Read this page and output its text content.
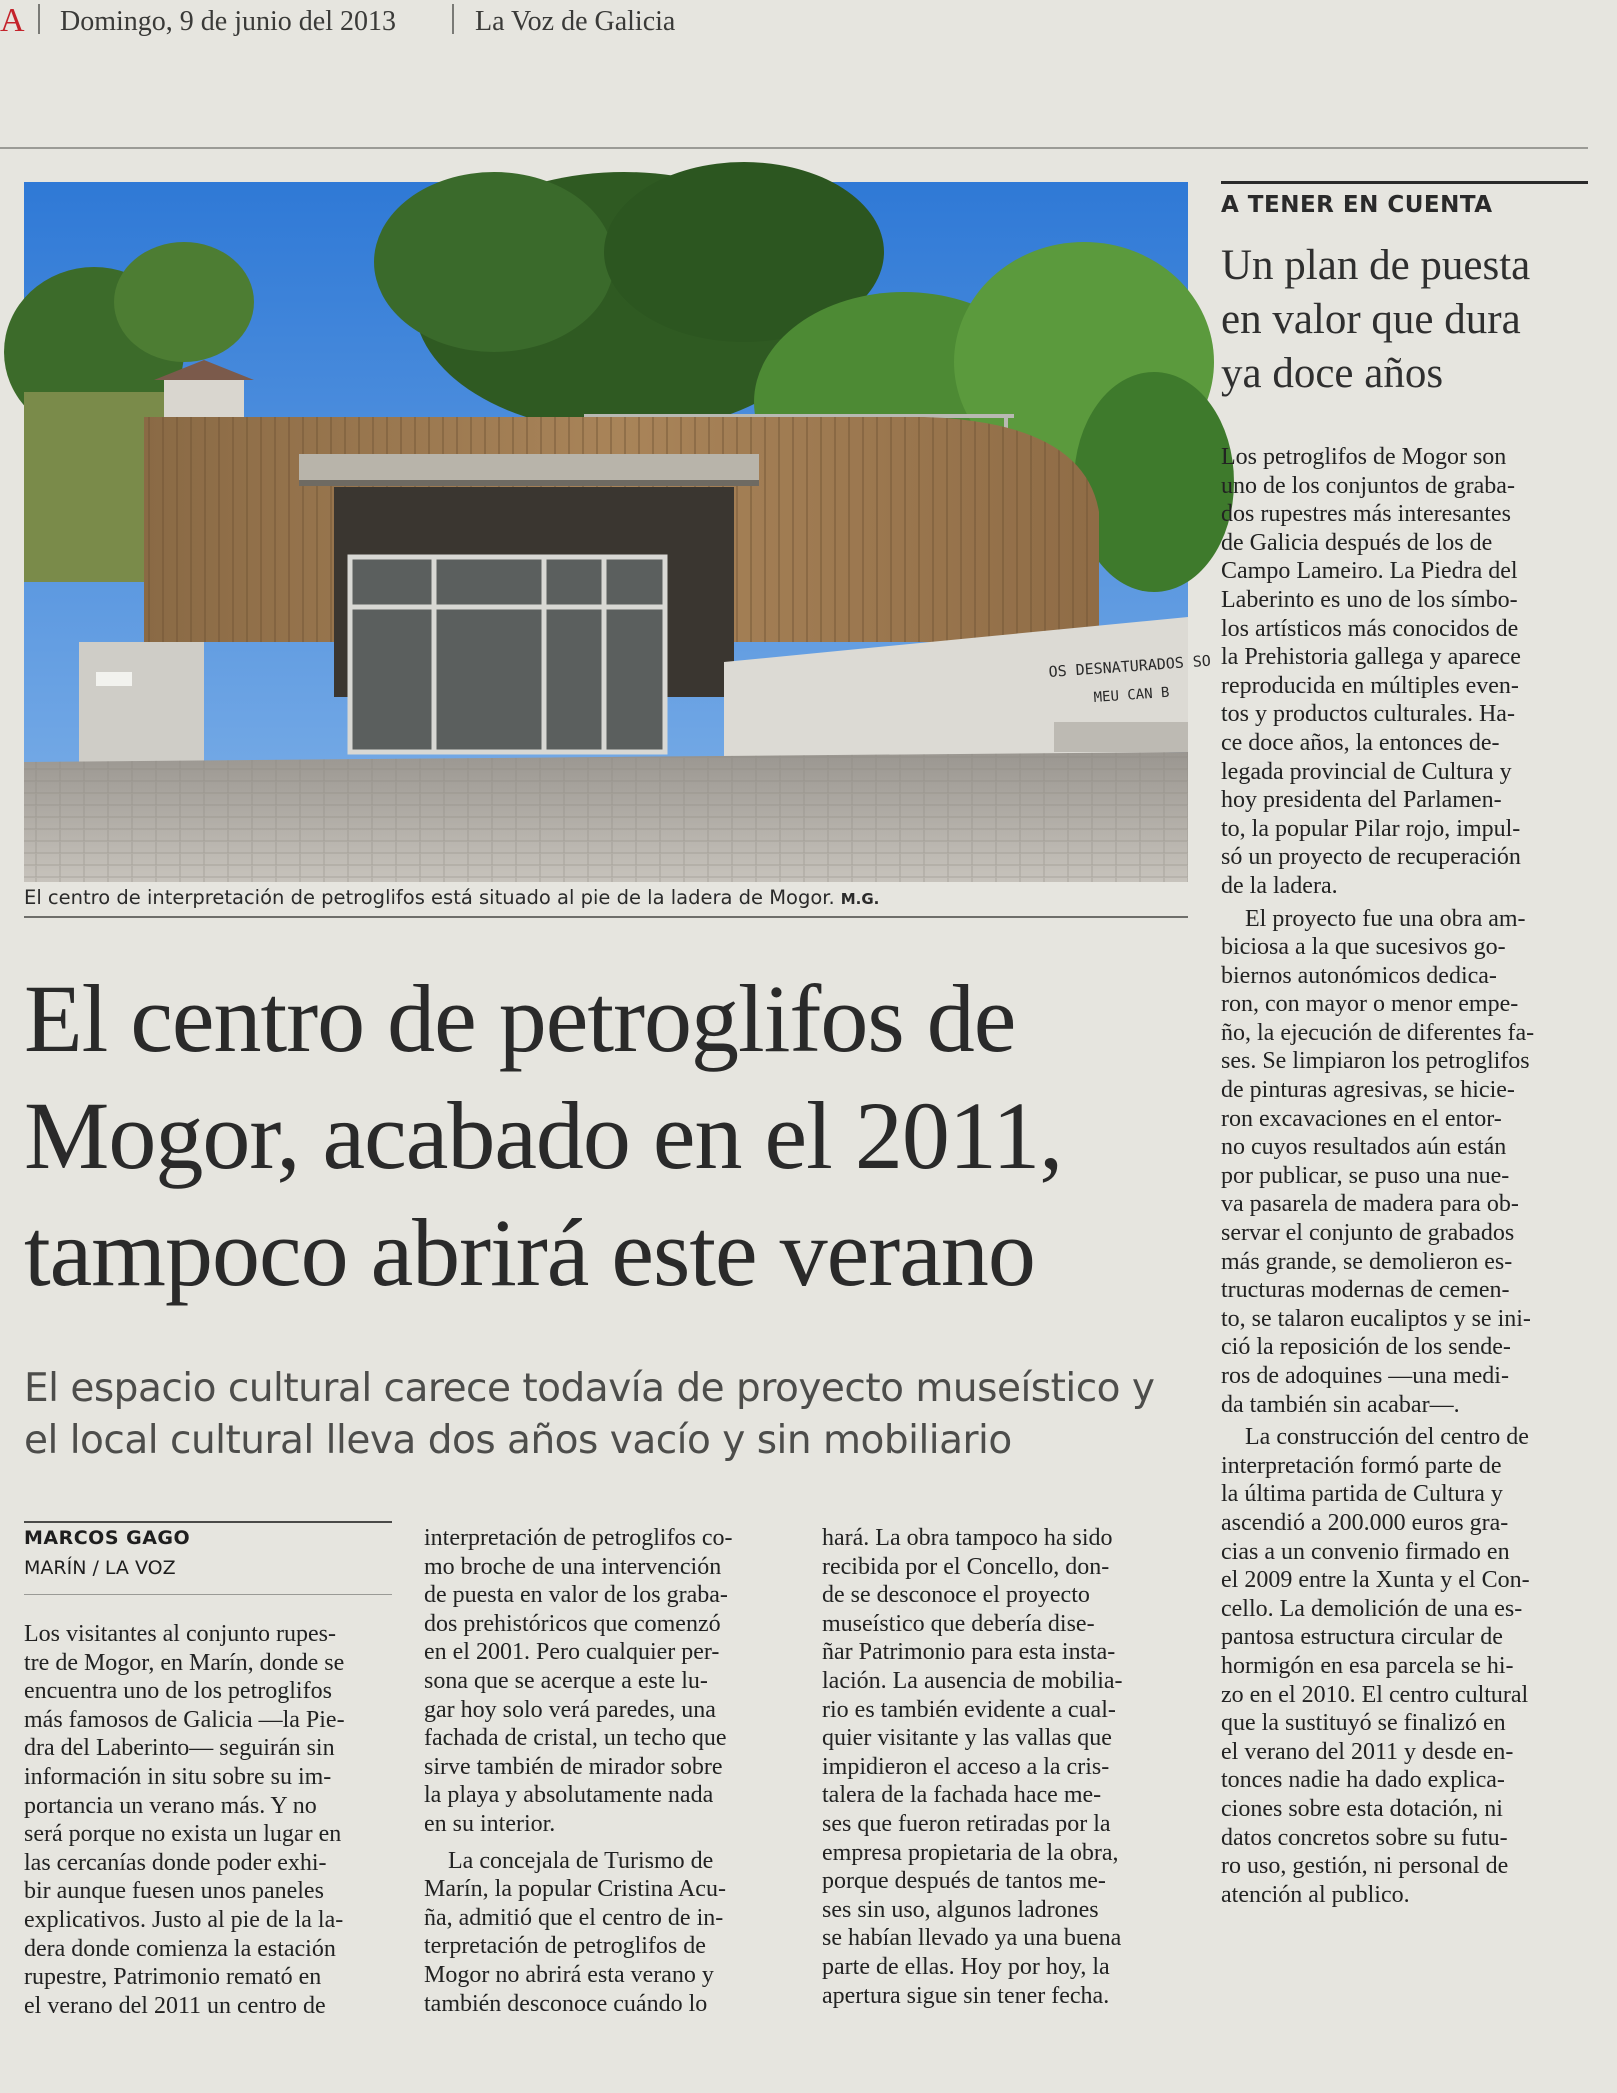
A Domingo, 9 de junio del 2013	La Voz de Galicia
OS DESNATURADOS SO
MEU CAN B
El centro de interpretación de petroglifos está situado al pie de la ladera de Mogor. M.G.
El centro de petroglifos de
Mogor, acabado en el 2011,
tampoco abrirá este verano
El espacio cultural carece todavía de proyecto museístico y
el local cultural lleva dos años vacío y sin mobiliario
MARCOS GAGO
MARÍN / LA VOZ
Los visitantes al conjunto rupes-
tre de Mogor, en Marín, donde se
encuentra uno de los petroglifos
más famosos de Galicia —la Pie-
dra del Laberinto— seguirán sin
información in situ sobre su im-
portancia un verano más. Y no
será porque no exista un lugar en
las cercanías donde poder exhi-
bir aunque fuesen unos paneles
explicativos. Justo al pie de la la-
dera donde comienza la estación
rupestre, Patrimonio remató en
el verano del 2011 un centro de
interpretación de petroglifos co-
mo broche de una intervención
de puesta en valor de los graba-
dos prehistóricos que comenzó
en el 2001. Pero cualquier per-
sona que se acerque a este lu-
gar hoy solo verá paredes, una
fachada de cristal, un techo que
sirve también de mirador sobre
la playa y absolutamente nada
en su interior.
La concejala de Turismo de
Marín, la popular Cristina Acu-
ña, admitió que el centro de in-
terpretación de petroglifos de
Mogor no abrirá esta verano y
también desconoce cuándo lo
hará. La obra tampoco ha sido
recibida por el Concello, don-
de se desconoce el proyecto
museístico que debería dise-
ñar Patrimonio para esta insta-
lación. La ausencia de mobilia-
rio es también evidente a cual-
quier visitante y las vallas que
impidieron el acceso a la cris-
talera de la fachada hace me-
ses que fueron retiradas por la
empresa propietaria de la obra,
porque después de tantos me-
ses sin uso, algunos ladrones
se habían llevado ya una buena
parte de ellas. Hoy por hoy, la
apertura sigue sin tener fecha.
A TENER EN CUENTA
Un plan de puesta
en valor que dura
ya doce años
Los petroglifos de Mogor son
uno de los conjuntos de graba-
dos rupestres más interesantes
de Galicia después de los de
Campo Lameiro. La Piedra del
Laberinto es uno de los símbo-
los artísticos más conocidos de
la Prehistoria gallega y aparece
reproducida en múltiples even-
tos y productos culturales. Ha-
ce doce años, la entonces de-
legada provincial de Cultura y
hoy presidenta del Parlamen-
to, la popular Pilar rojo, impul-
só un proyecto de recuperación
de la ladera.
El proyecto fue una obra am-
biciosa a la que sucesivos go-
biernos autonómicos dedica-
ron, con mayor o menor empe-
ño, la ejecución de diferentes fa-
ses. Se limpiaron los petroglifos
de pinturas agresivas, se hicie-
ron excavaciones en el entor-
no cuyos resultados aún están
por publicar, se puso una nue-
va pasarela de madera para ob-
servar el conjunto de grabados
más grande, se demolieron es-
tructuras modernas de cemen-
to, se talaron eucaliptos y se ini-
ció la reposición de los sende-
ros de adoquines —una medi-
da también sin acabar—.
La construcción del centro de
interpretación formó parte de
la última partida de Cultura y
ascendió a 200.000 euros gra-
cias a un convenio firmado en
el 2009 entre la Xunta y el Con-
cello. La demolición de una es-
pantosa estructura circular de
hormigón en esa parcela se hi-
zo en el 2010. El centro cultural
que la sustituyó se finalizó en
el verano del 2011 y desde en-
tonces nadie ha dado explica-
ciones sobre esta dotación, ni
datos concretos sobre su futu-
ro uso, gestión, ni personal de
atención al publico.
